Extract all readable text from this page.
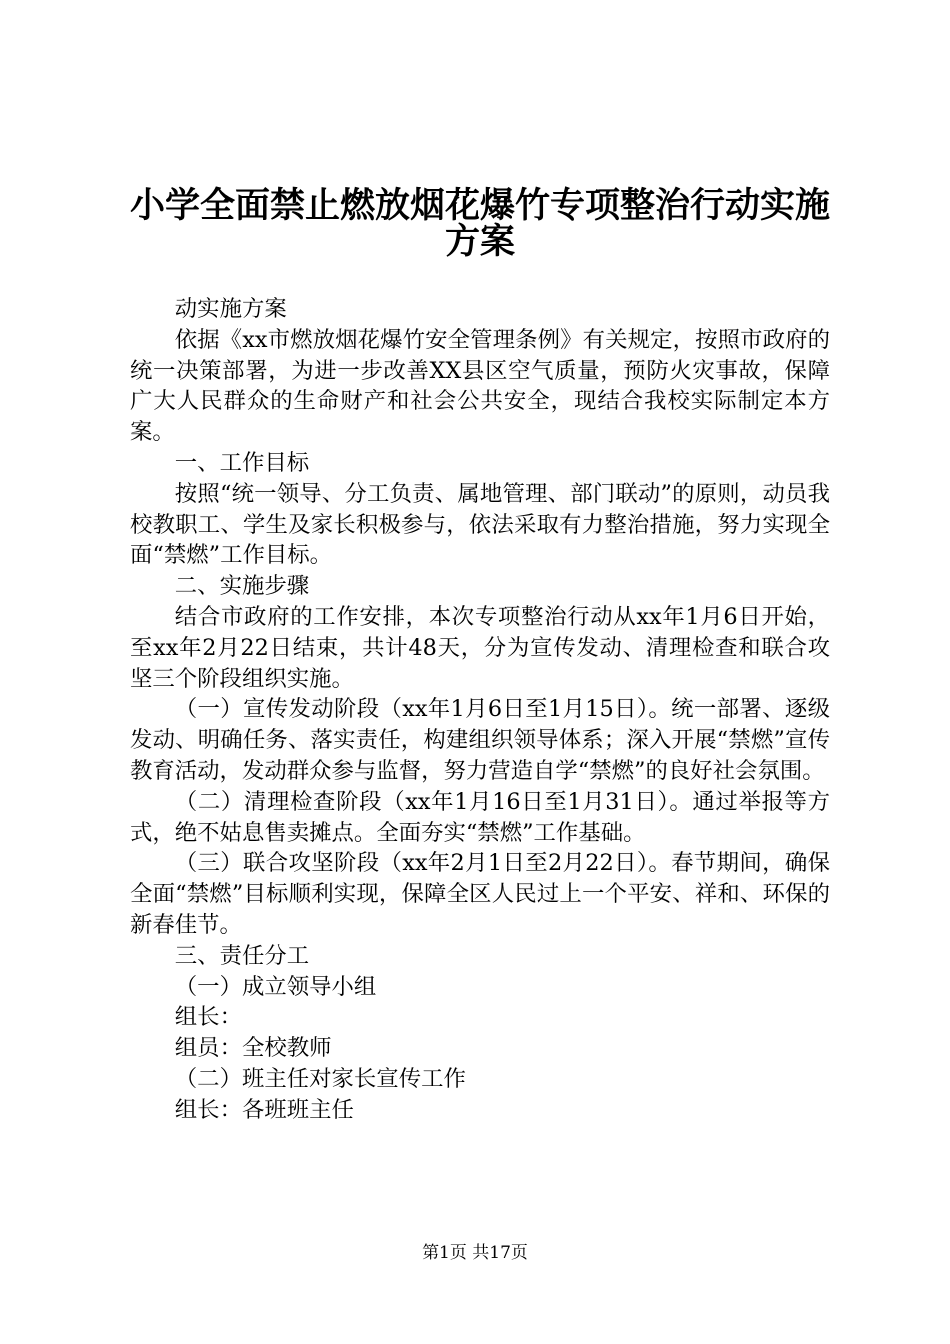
小学全面禁止燃放烟花爆竹专项整治行动实施
方案

动实施方案

依据《xx市燃放烟花爆竹安全管理条例》有关规定，按照市政府的统一决策部署，为进一步改善XX县区空气质量，预防火灾事故，保障广大人民群众的生命财产和社会公共安全，现结合我校实际制定本方案。

一、工作目标

按照“统一领导、分工负责、属地管理、部门联动”的原则，动员我校教职工、学生及家长积极参与，依法采取有力整治措施，努力实现全面“禁燃”工作目标。

二、实施步骤

结合市政府的工作安排，本次专项整治行动从xx年1月6日开始，至xx年2月22日结束，共计48天，分为宣传发动、清理检查和联合攻坚三个阶段组织实施。

（一）宣传发动阶段（xx年1月6日至1月15日）。统一部署、逐级发动、明确任务、落实责任，构建组织领导体系；深入开展“禁燃”宣传教育活动，发动群众参与监督，努力营造自学“禁燃”的良好社会氛围。

（二）清理检查阶段（xx年1月16日至1月31日）。通过举报等方式，绝不姑息售卖摊点。全面夯实“禁燃”工作基础。

（三）联合攻坚阶段（xx年2月1日至2月22日）。春节期间，确保全面“禁燃”目标顺利实现，保障全区人民过上一个平安、祥和、环保的新春佳节。

三、责任分工

（一）成立领导小组

组长：

组员：全校教师

（二）班主任对家长宣传工作

组长：各班班主任

第1页 共17页
